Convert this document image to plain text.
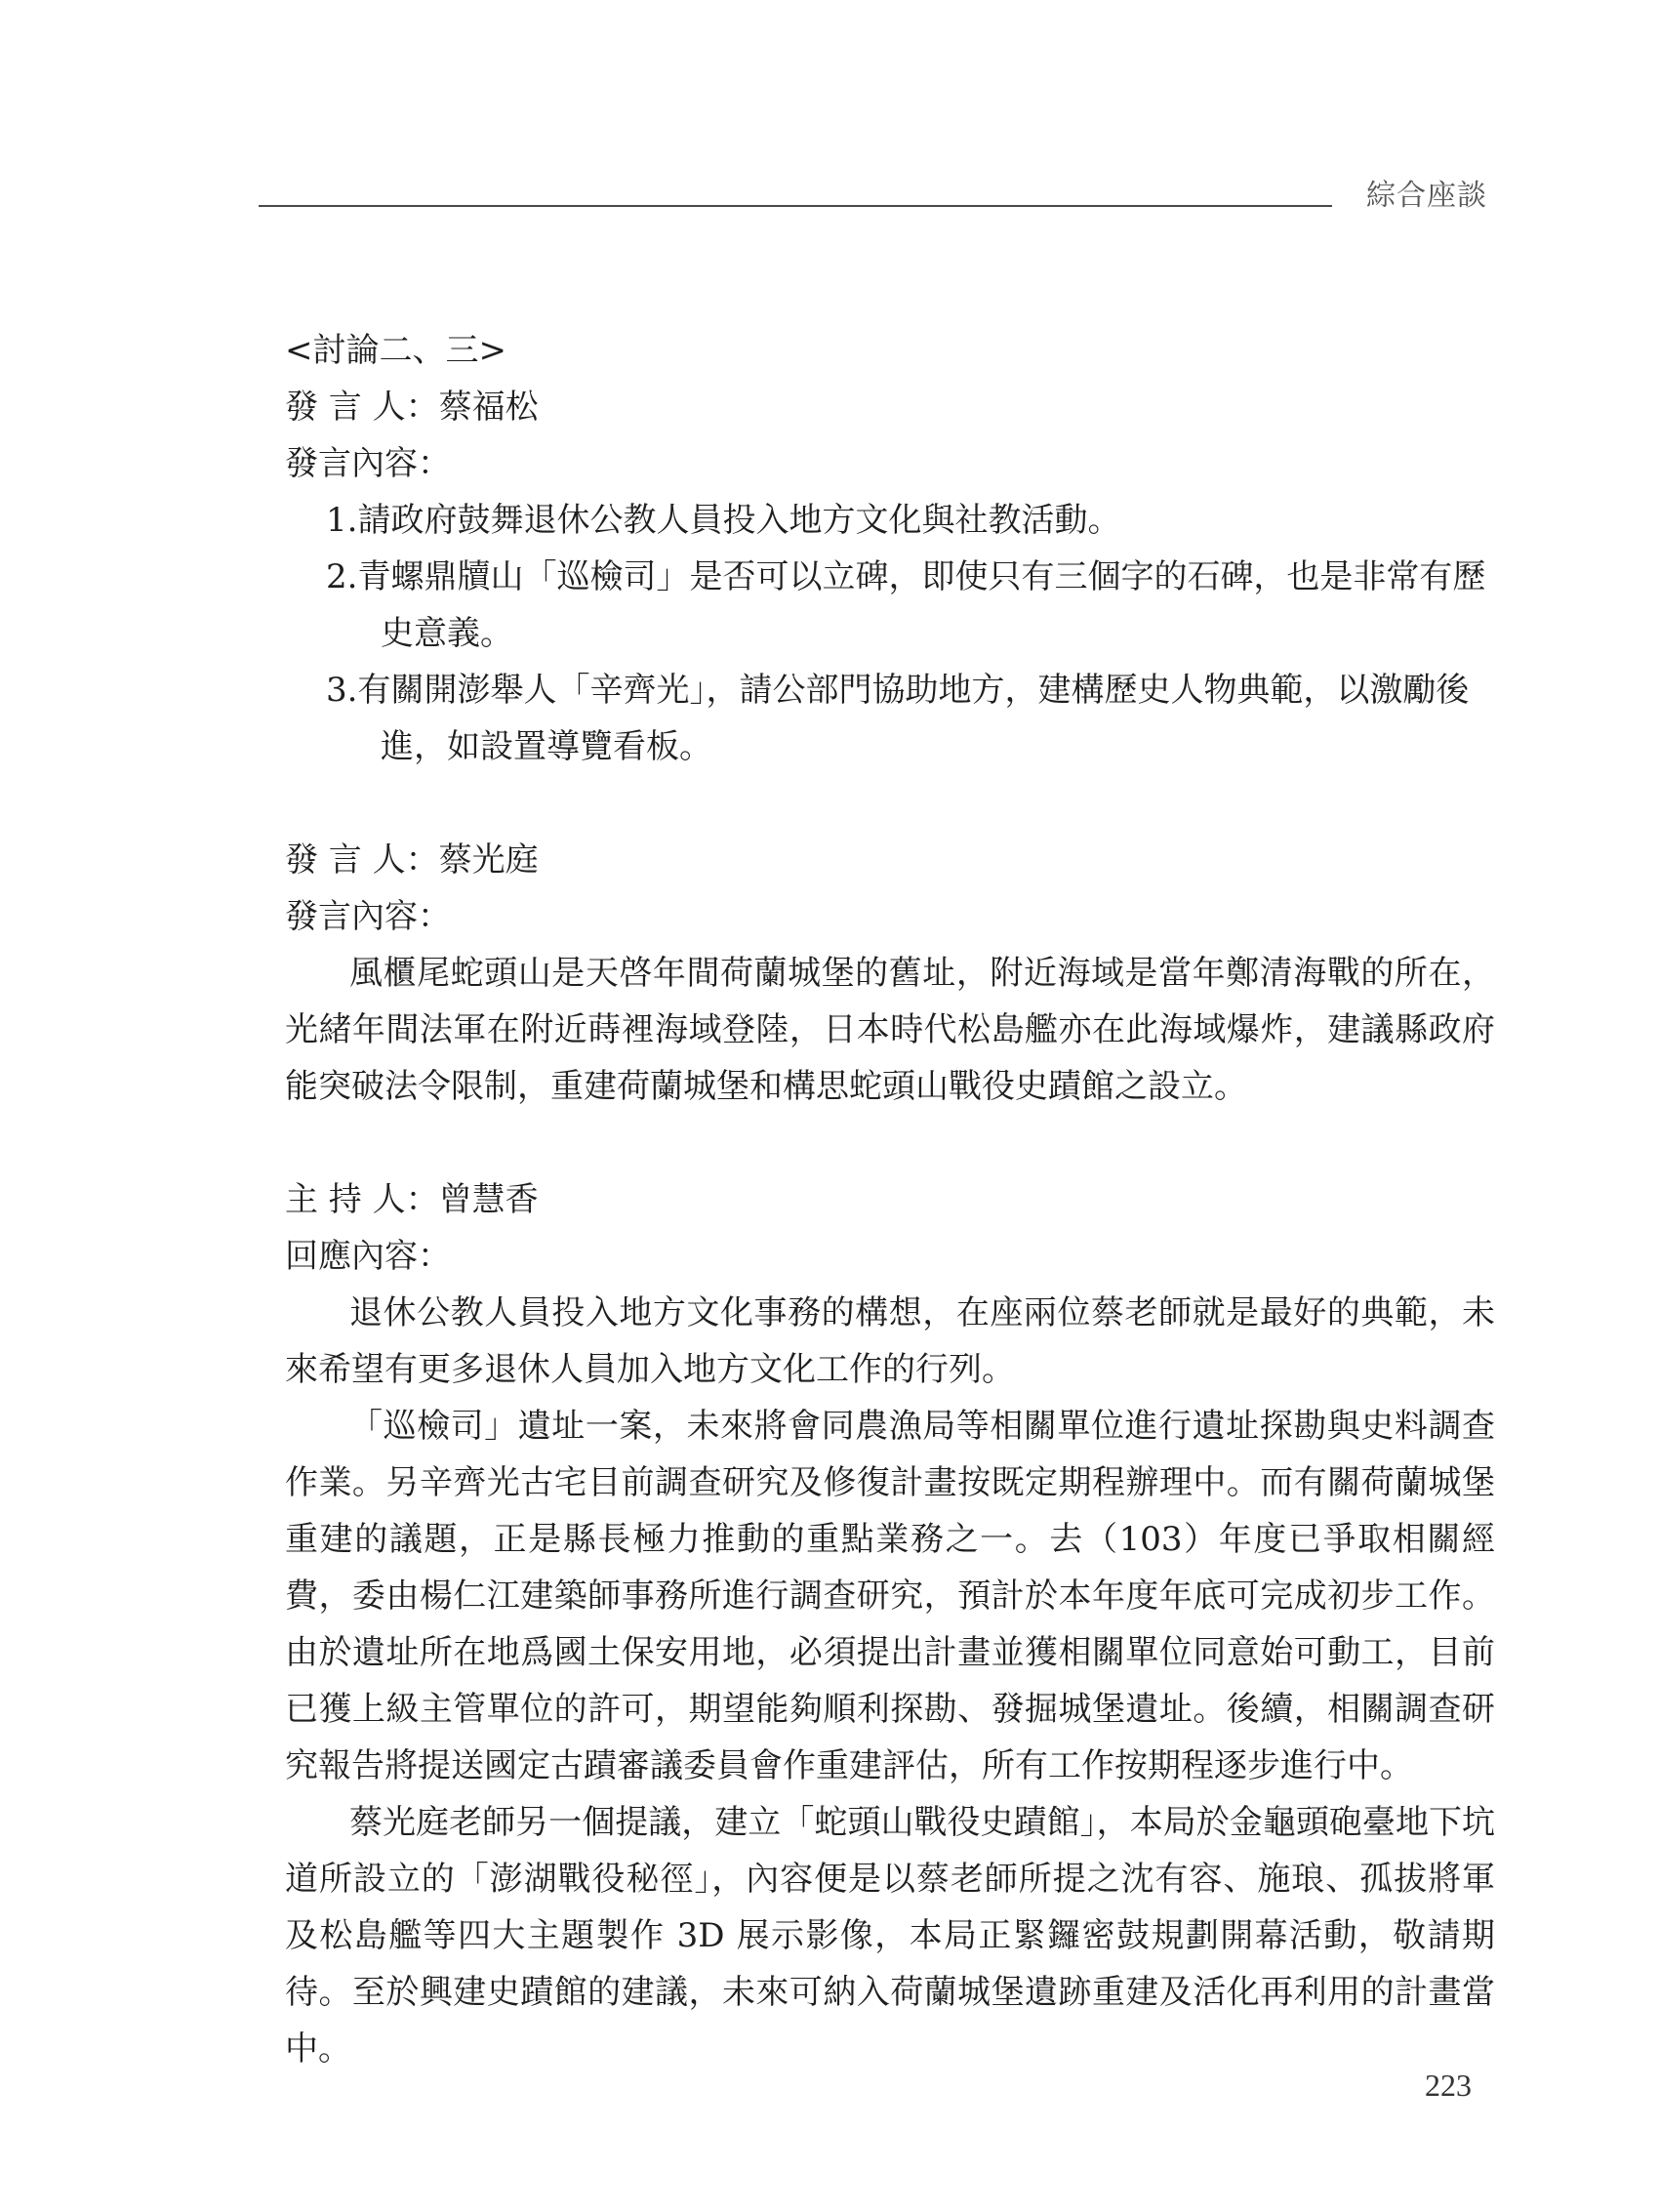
綜合座談

<討論二、三>

發 言 人：蔡福松

發言內容：

1.請政府鼓舞退休公教人員投入地方文化與社教活動。

2.青螺鼎牘山「巡檢司」是否可以立碑，即使只有三個字的石碑，也是非常有歷史意義。

3.有關開澎舉人「辛齊光」，請公部門協助地方，建構歷史人物典範，以激勵後進，如設置導覽看板。

發 言 人：蔡光庭

發言內容：

風櫃尾蛇頭山是天啓年間荷蘭城堡的舊址，附近海域是當年鄭清海戰的所在，光緒年間法軍在附近蒔裡海域登陸，日本時代松島艦亦在此海域爆炸，建議縣政府能突破法令限制，重建荷蘭城堡和構思蛇頭山戰役史蹟館之設立。

主 持 人：曾慧香

回應內容：

退休公教人員投入地方文化事務的構想，在座兩位蔡老師就是最好的典範，未來希望有更多退休人員加入地方文化工作的行列。

「巡檢司」遺址一案，未來將會同農漁局等相關單位進行遺址探勘與史料調查作業。另辛齊光古宅目前調查研究及修復計畫按既定期程辦理中。而有關荷蘭城堡重建的議題，正是縣長極力推動的重點業務之一。去（103）年度已爭取相關經費，委由楊仁江建築師事務所進行調查研究，預計於本年度年底可完成初步工作。由於遺址所在地爲國土保安用地，必須提出計畫並獲相關單位同意始可動工，目前已獲上級主管單位的許可，期望能夠順利探勘、發掘城堡遺址。後續，相關調查研究報告將提送國定古蹟審議委員會作重建評估，所有工作按期程逐步進行中。

蔡光庭老師另一個提議，建立「蛇頭山戰役史蹟館」，本局於金龜頭砲臺地下坑道所設立的「澎湖戰役秘徑」，內容便是以蔡老師所提之沈有容、施琅、孤拔將軍及松島艦等四大主題製作 3D 展示影像，本局正緊鑼密鼓規劃開幕活動，敬請期待。至於興建史蹟館的建議，未來可納入荷蘭城堡遺跡重建及活化再利用的計畫當中。

223
